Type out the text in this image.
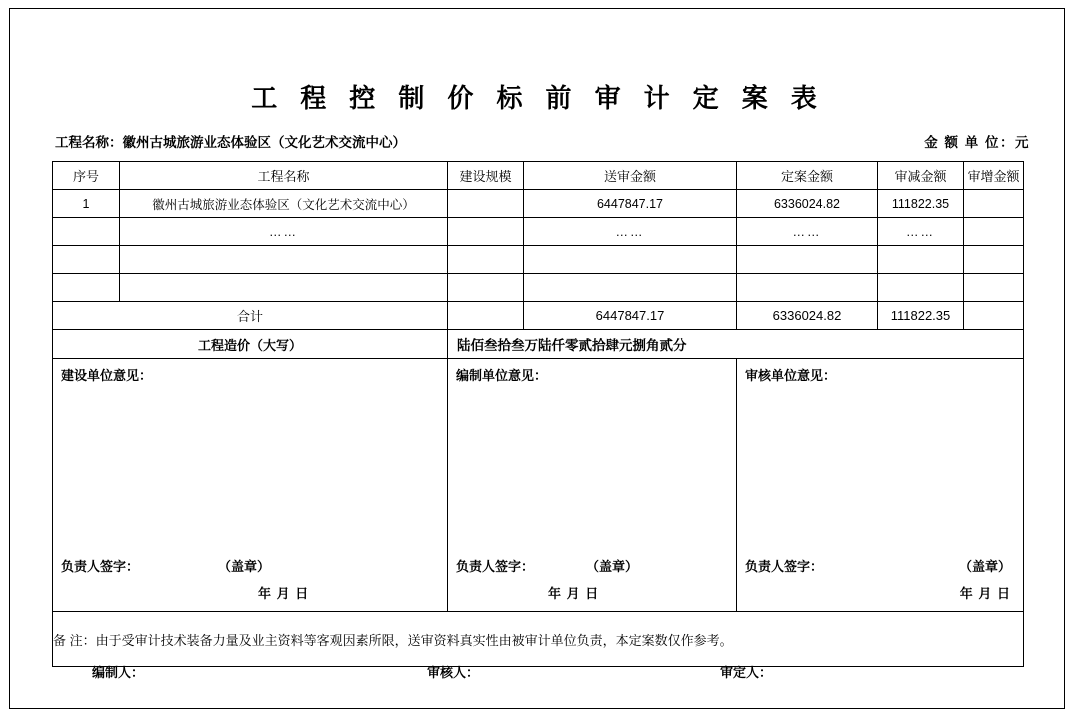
工 程 控 制 价 标 前 审 计 定 案 表
工程名称：徽州古城旅游业态体验区（文化艺术交流中心）	金 额 单 位：元
序号	工程名称	建设规模	送审金额	定案金额	审减金额	审增金额
1	徽州古城旅游业态体验区（文化艺术交流中心）		6447847.17	6336024.82	111822.35	
	……		……	……	……	

合计			6447847.17	6336024.82	111822.35	
工程造价（大写）		陆佰叁拾叁万陆仟零贰拾肆元捌角贰分				

建设单位意见：
负责人签字：	（盖章）
年 月 日

编制单位意见：
负责人签字：	（盖章）
年 月 日

审核单位意见：
负责人签字：	（盖章）
年 月 日

备 注：由于受审计技术装备力量及业主资料等客观因素所限，送审资料真实性由被审计单位负责，本定案数仅作参考。						
编制人：	审核人：	审定人：
